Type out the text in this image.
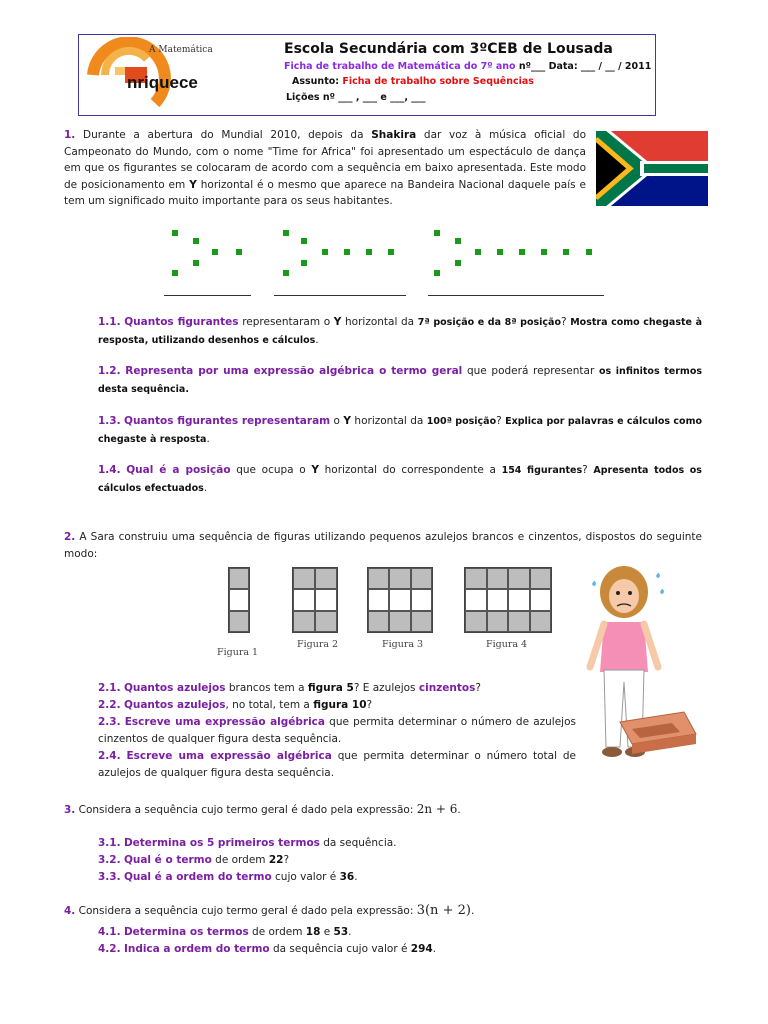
A Matemática
nriquece
Escola Secundária com 3ºCEB de Lousada
Ficha de trabalho de Matemática do 7º ano nº___ Data: ___ / __ / 2011
Assunto: Ficha de trabalho sobre Sequências
Lições nº ___ , ___ e ___, ___
1. Durante a abertura do Mundial 2010, depois da Shakira dar voz à música oficial do Campeonato do Mundo, com o nome "Time for Africa" foi apresentado um espectáculo de dança em que os figurantes se colocaram de acordo com a sequência em baixo apresentada. Este modo de posicionamento em Y horizontal é o mesmo que aparece na Bandeira Nacional daquele país e tem um significado muito importante para os seus habitantes.
1.1. Quantos figurantes representaram o Y horizontal da 7ª posição e da 8ª posição? Mostra como chegaste à resposta, utilizando desenhos e cálculos.
1.2. Representa por uma expressão algébrica o termo geral que poderá representar os infinitos termos desta sequência.
1.3. Quantos figurantes representaram o Y horizontal da 100ª posição? Explica por palavras e cálculos como chegaste à resposta.
1.4. Qual é a posição que ocupa o Y horizontal do correspondente a 154 figurantes? Apresenta todos os cálculos efectuados.
2. A Sara construiu uma sequência de figuras utilizando pequenos azulejos brancos e cinzentos, dispostos do seguinte modo:
Figura 1
Figura 2	Figura 3	Figura 4
2.1. Quantos azulejos brancos tem a figura 5? E azulejos cinzentos?
2.2. Quantos azulejos, no total, tem a figura 10?
2.3. Escreve uma expressão algébrica que permita determinar o número de azulejos cinzentos de qualquer figura desta sequência.
2.4. Escreve uma expressão algébrica que permita determinar o número total de azulejos de qualquer figura desta sequência.
3. Considera a sequência cujo termo geral é dado pela expressão: 2n + 6.
3.1. Determina os 5 primeiros termos da sequência.
3.2. Qual é o termo de ordem 22?
3.3. Qual é a ordem do termo cujo valor é 36.
4. Considera a sequência cujo termo geral é dado pela expressão: 3(n + 2).
4.1. Determina os termos de ordem 18 e 53.
4.2. Indica a ordem do termo da sequência cujo valor é 294.
